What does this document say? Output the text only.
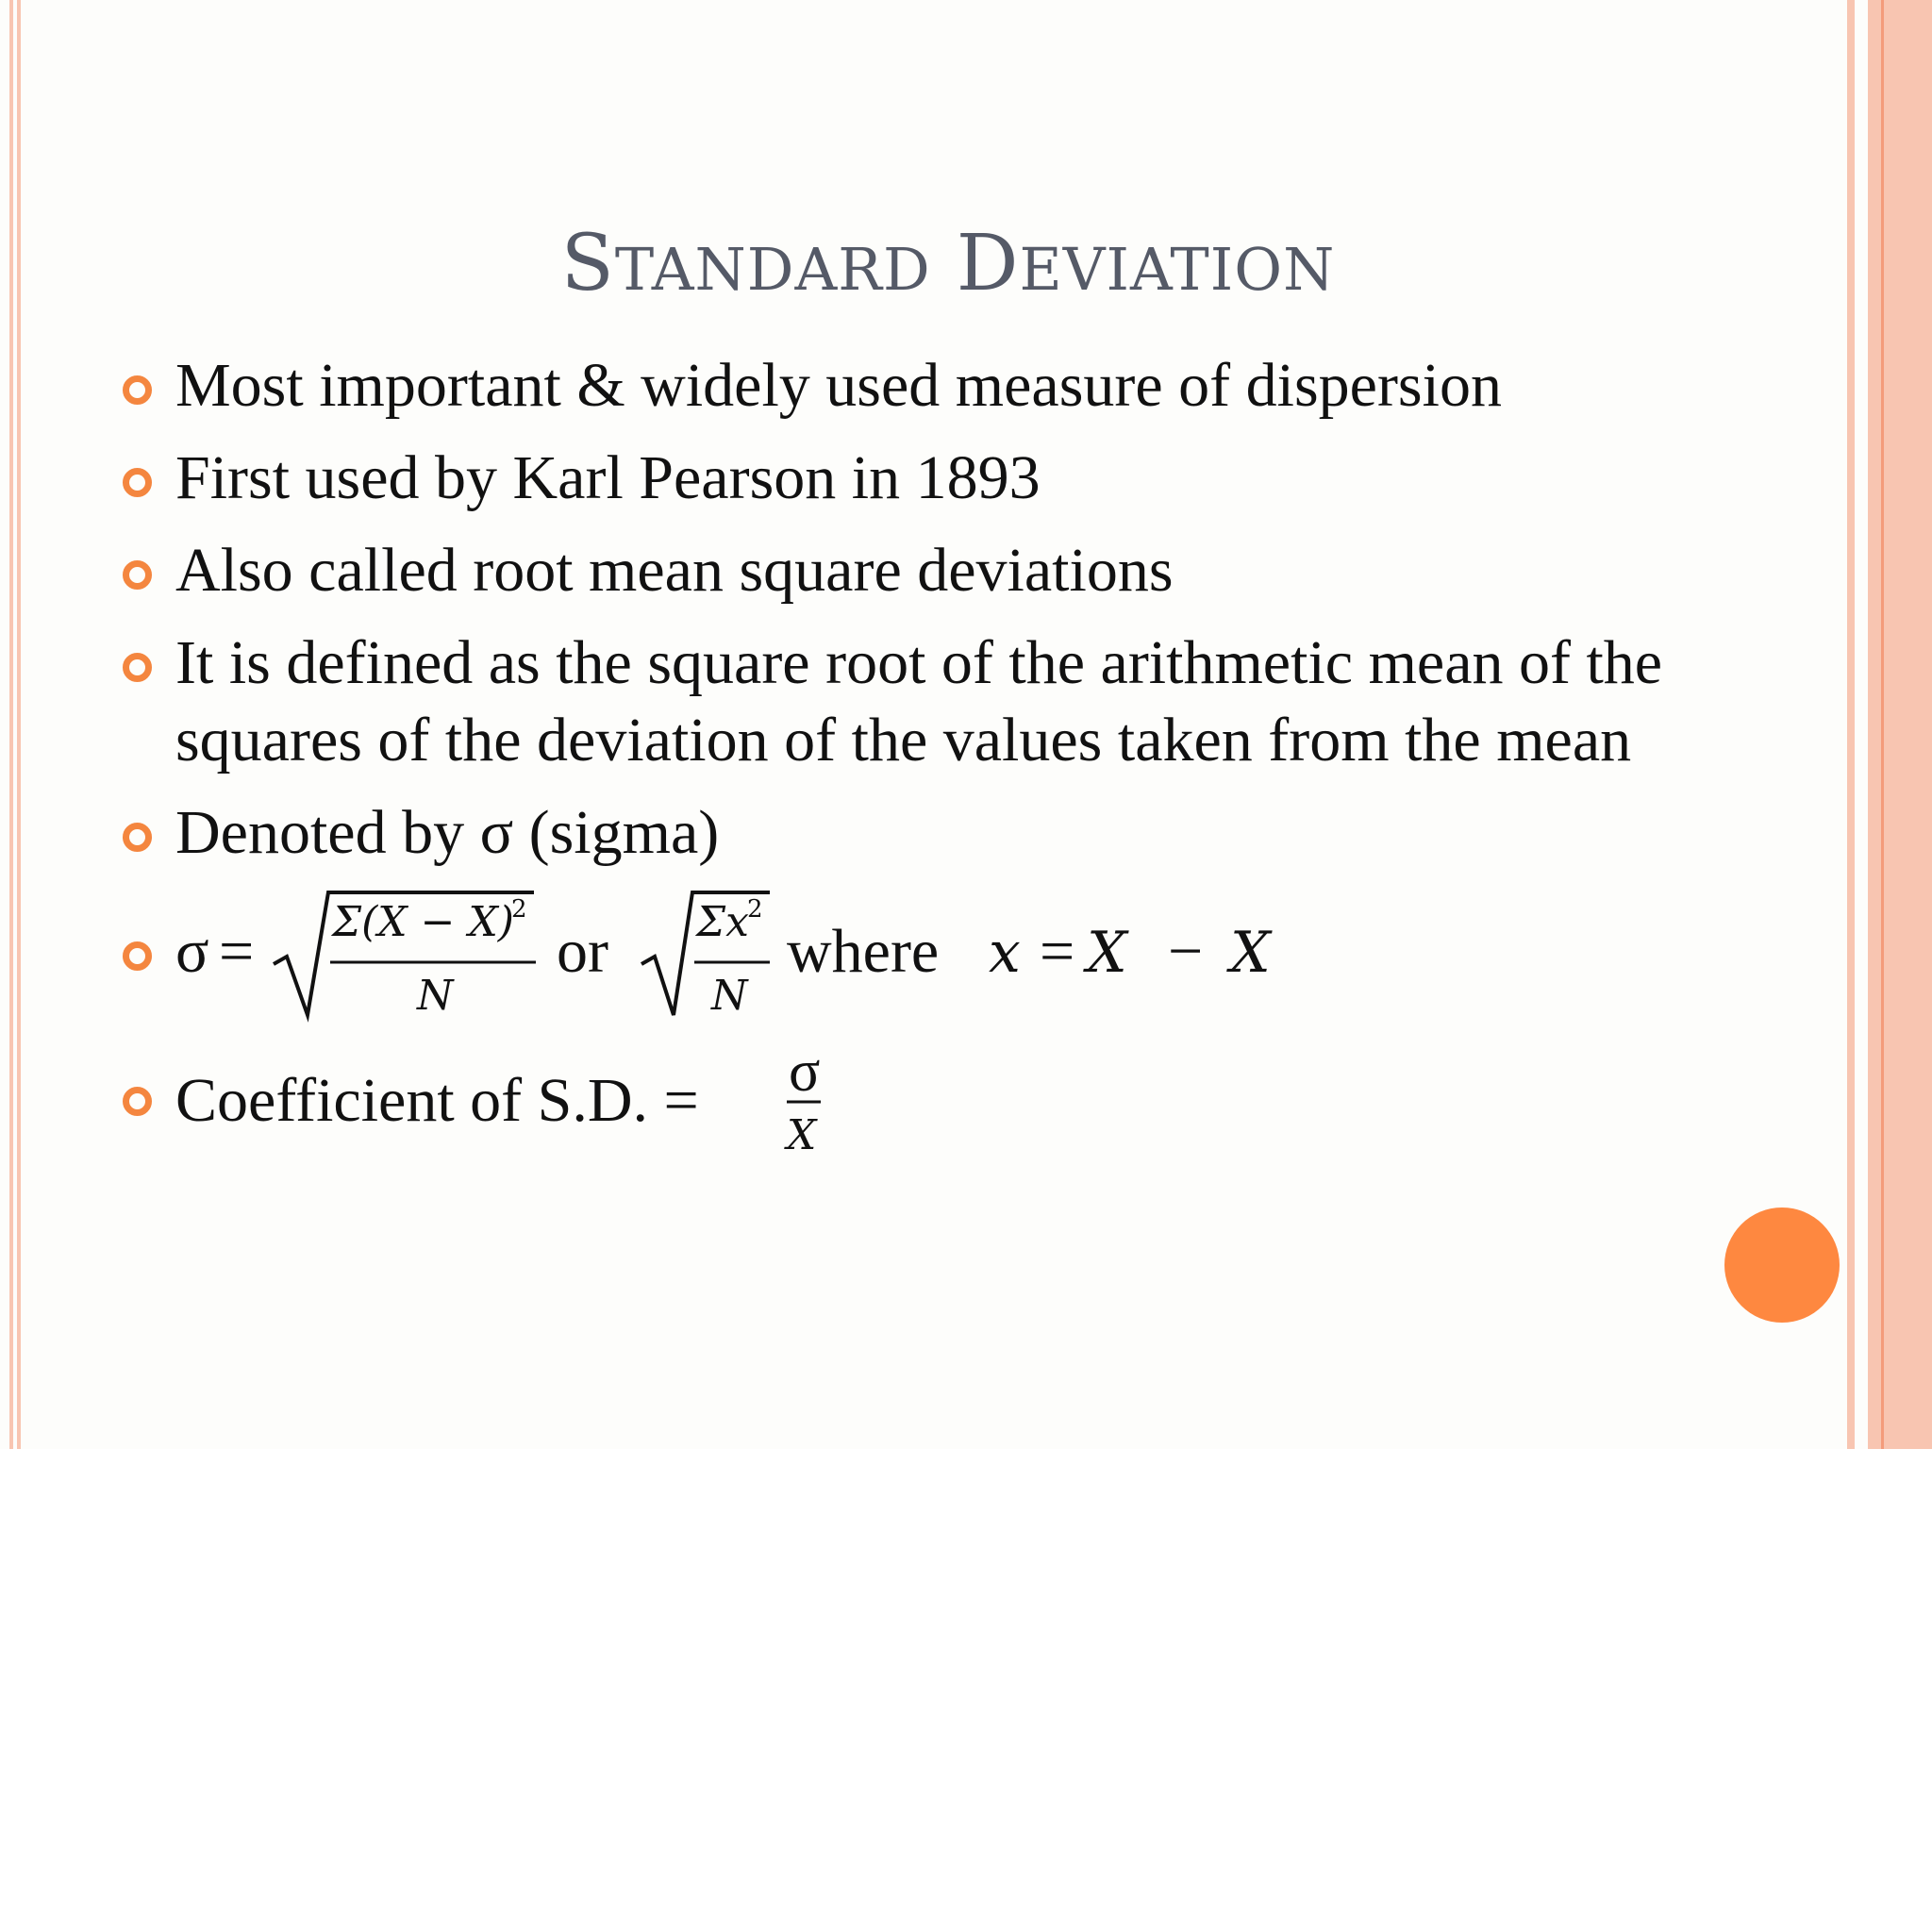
STANDARD DEVIATION
Most important & widely used measure of dispersion
First used by Karl Pearson in 1893
Also called root mean square deviations
It is defined as the square root of the arithmetic mean of the squares of the deviation of the values taken from the mean
Denoted by σ (sigma)
σ = Σ(X − X)
2
N
or Σx
2
N
where x = X − X
Coefficient of S.D. = σ
X
